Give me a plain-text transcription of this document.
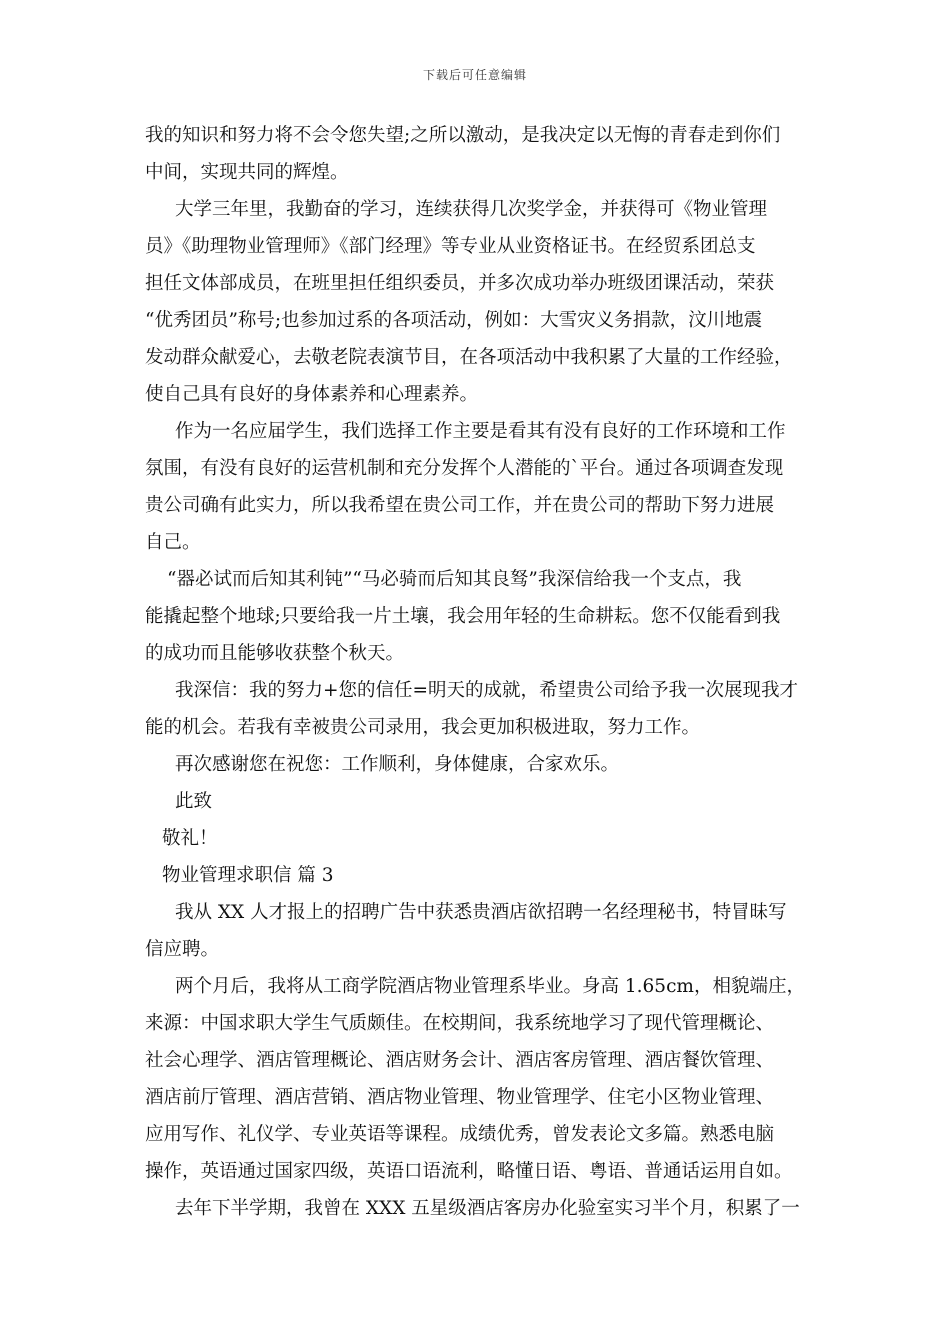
下载后可任意编辑
我的知识和努力将不会令您失望;之所以激动，是我决定以无悔的青春走到你们
中间，实现共同的辉煌。
大学三年里，我勤奋的学习，连续获得几次奖学金，并获得可《物业管理
员》《助理物业管理师》《部门经理》等专业从业资格证书。在经贸系团总支
担任文体部成员，在班里担任组织委员，并多次成功举办班级团课活动，荣获
“优秀团员”称号;也参加过系的各项活动，例如：大雪灾义务捐款，汶川地震
发动群众献爱心，去敬老院表演节目，在各项活动中我积累了大量的工作经验，
使自己具有良好的身体素养和心理素养。
作为一名应届学生，我们选择工作主要是看其有没有良好的工作环境和工作
氛围，有没有良好的运营机制和充分发挥个人潜能的`平台。通过各项调查发现
贵公司确有此实力，所以我希望在贵公司工作，并在贵公司的帮助下努力进展
自己。
“器必试而后知其利钝”“马必骑而后知其良驽”我深信给我一个支点，我
能撬起整个地球;只要给我一片土壤，我会用年轻的生命耕耘。您不仅能看到我
的成功而且能够收获整个秋天。
我深信：我的努力+您的信任=明天的成就，希望贵公司给予我一次展现我才
能的机会。若我有幸被贵公司录用，我会更加积极进取，努力工作。
再次感谢您在祝您：工作顺利，身体健康，合家欢乐。
此致
敬礼！
物业管理求职信 篇 3
我从 XX 人才报上的招聘广告中获悉贵酒店欲招聘一名经理秘书，特冒昧写
信应聘。
两个月后，我将从工商学院酒店物业管理系毕业。身高 1.65cm，相貌端庄，
来源：中国求职大学生气质颇佳。在校期间，我系统地学习了现代管理概论、
社会心理学、酒店管理概论、酒店财务会计、酒店客房管理、酒店餐饮管理、
酒店前厅管理、酒店营销、酒店物业管理、物业管理学、住宅小区物业管理、
应用写作、礼仪学、专业英语等课程。成绩优秀，曾发表论文多篇。熟悉电脑
操作，英语通过国家四级，英语口语流利，略懂日语、粤语、普通话运用自如。
去年下半学期，我曾在 XXX 五星级酒店客房办化验室实习半个月，积累了一
